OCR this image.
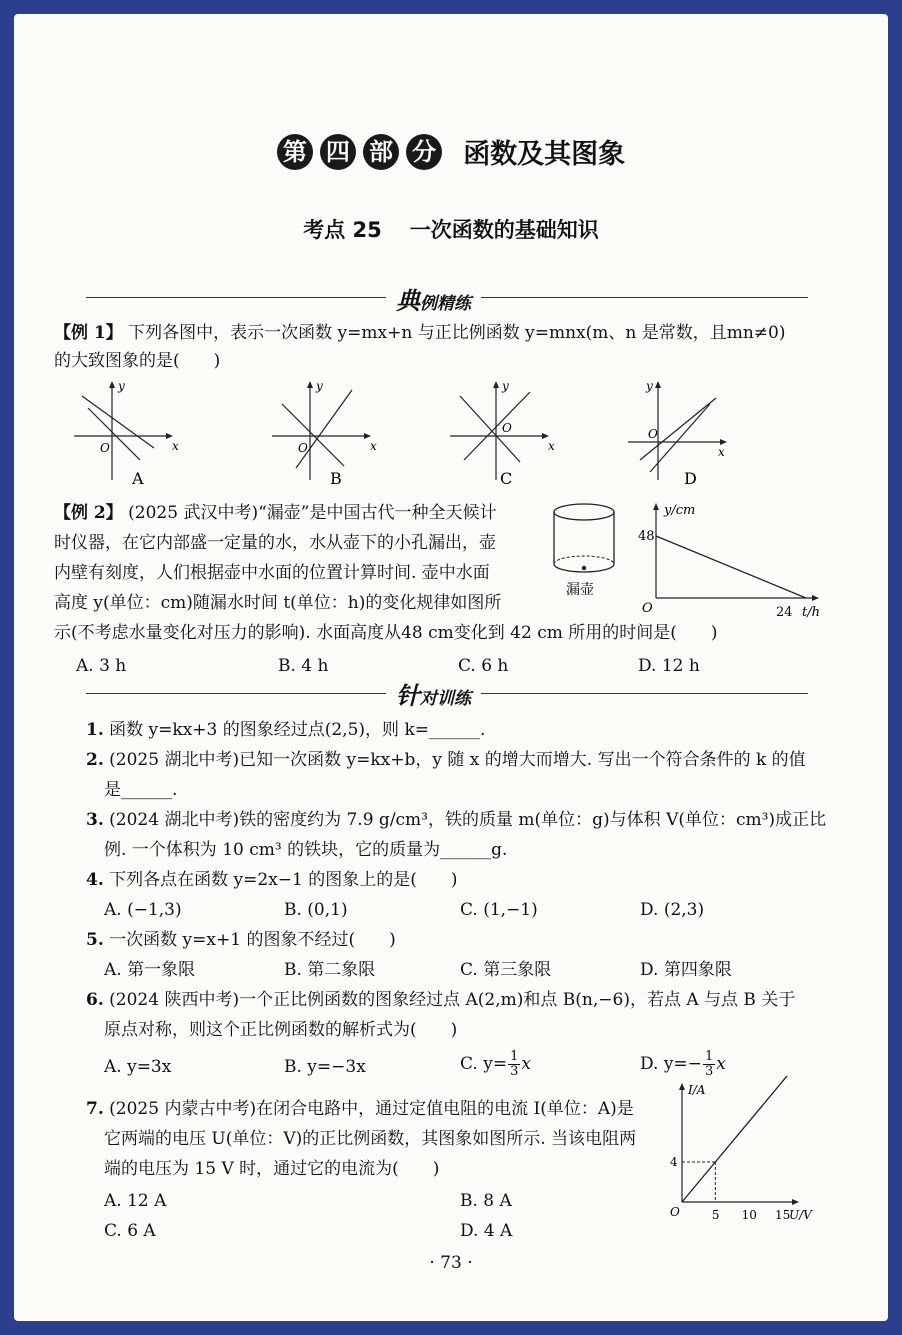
第 四 部 分 函数及其图象
考点 25 一次函数的基础知识
典例精练
【例 1】 下列各图中，表示一次函数 y=mx+n 与正比例函数 y=mnx(m、n 是常数，且mn≠0)
的大致图象的是(　　)
y
x
O
A
y
x
O
B
y
x
O
C
y
x
O
D
【例 2】 (2025 武汉中考)“漏壶”是中国古代一种全天候计
时仪器，在它内部盛一定量的水，水从壶下的小孔漏出，壶
内壁有刻度，人们根据壶中水面的位置计算时间. 壶中水面
高度 y(单位：cm)随漏水时间 t(单位：h)的变化规律如图所
示(不考虑水量变化对压力的影响). 水面高度从48 cm变化到 42 cm 所用的时间是(　　)
漏壶
y/cm
48
O	24 t/h
A. 3 h	B. 4 h	C. 6 h	D. 12 h
针对训练
1. 函数 y=kx+3 的图象经过点(2,5)，则 k=______.
2. (2025 湖北中考)已知一次函数 y=kx+b，y 随 x 的增大而增大. 写出一个符合条件的 k 的值
是______.
3. (2024 湖北中考)铁的密度约为 7.9 g/cm³，铁的质量 m(单位：g)与体积 V(单位：cm³)成正比
例. 一个体积为 10 cm³ 的铁块，它的质量为______g.
4. 下列各点在函数 y=2x−1 的图象上的是(　　)
A. (−1,3)	B. (0,1)	C. (1,−1)	D. (2,3)
5. 一次函数 y=x+1 的图象不经过(　　)
A. 第一象限	B. 第二象限	C. 第三象限	D. 第四象限
6. (2024 陕西中考)一个正比例函数的图象经过点 A(2,m)和点 B(n,−6)，若点 A 与点 B 关于
原点对称，则这个正比例函数的解析式为(　　)
A. y=3x	B. y=−3x	C. $y= \frac{1}{3}$ x	D. $y=- \frac{1}{3}$ x
7. (2025 内蒙古中考)在闭合电路中，通过定值电阻的电流 I(单位：A)是
它两端的电压 U(单位：V)的正比例函数，其图象如图所示. 当该电阻两
端的电压为 15 V 时，通过它的电流为(　　)
A. 12 A	B. 8 A
C. 6 A	D. 4 A
I/A
4
O	5 10 15
U/V
· 73 ·
